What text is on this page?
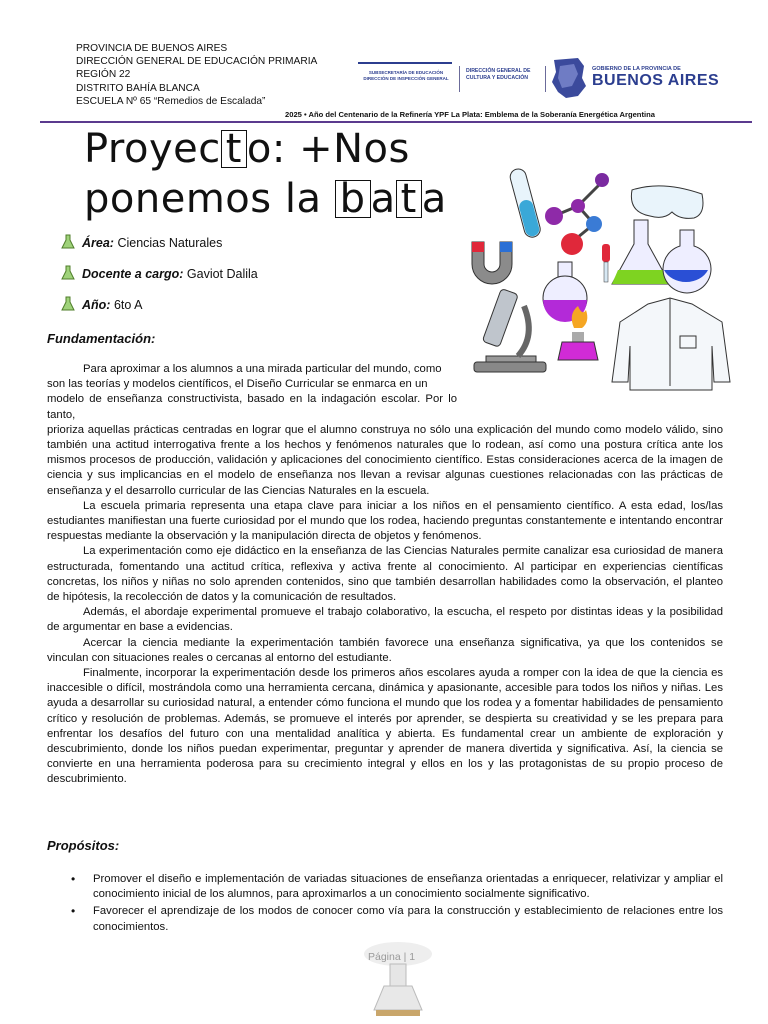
PROVINCIA DE BUENOS AIRES
DIRECCIÓN GENERAL DE EDUCACIÓN PRIMARIA
REGIÓN 22
DISTRITO BAHÍA BLANCA
ESCUELA Nº 65 “Remedios de Escalada”
SUBSECRETARÍA DE EDUCACIÓN
DIRECCIÓN DE INSPECCIÓN GENERAL
DIRECCIÓN GENERAL DE
CULTURA Y EDUCACIÓN
GOBIERNO DE LA PROVINCIA DE
BUENOS AIRES
2025 • Año del Centenario de la Refinería YPF La Plata: Emblema de la Soberanía Energética Argentina
Proyec t o: +Nos
ponemos la b a t a
Área: Ciencias Naturales
Docente a cargo: Gaviot Dalila
Año: 6to A
Fundamentación:

Para aproximar a los alumnos a una mirada particular del mundo, como

son las teorías y modelos científicos, el Diseño Curricular se enmarca en un

modelo de enseñanza constructivista, basado en la indagación escolar. Por lo tanto,

prioriza aquellas prácticas centradas en lograr que el alumno construya no sólo una explicación del mundo como modelo válido, sino también una actitud interrogativa frente a los hechos y fenómenos naturales que lo rodean, así como una postura crítica ante los mismos procesos de producción, validación y aplicaciones del conocimiento científico. Estas consideraciones acerca de la imagen de ciencia y sus implicancias en el modelo de enseñanza nos llevan a revisar algunas cuestiones relacionadas con las prácticas de enseñanza y el desarrollo curricular de las Ciencias Naturales en la escuela.

La escuela primaria representa una etapa clave para iniciar a los niños en el pensamiento científico. A esta edad, los/las estudiantes manifiestan una fuerte curiosidad por el mundo que los rodea, haciendo preguntas constantemente e intentando encontrar respuestas mediante la observación y la manipulación directa de objetos y fenómenos.

La experimentación como eje didáctico en la enseñanza de las Ciencias Naturales permite canalizar esa curiosidad de manera estructurada, fomentando una actitud crítica, reflexiva y activa frente al conocimiento. Al participar en experiencias científicas concretas, los niños y niñas no solo aprenden contenidos, sino que también desarrollan habilidades como la observación, el planteo de hipótesis, la recolección de datos y la comunicación de resultados.

Además, el abordaje experimental promueve el trabajo colaborativo, la escucha, el respeto por distintas ideas y la posibilidad de argumentar en base a evidencias.

Acercar la ciencia mediante la experimentación también favorece una enseñanza significativa, ya que los contenidos se vinculan con situaciones reales o cercanas al entorno del estudiante.

Finalmente, incorporar la experimentación desde los primeros años escolares ayuda a romper con la idea de que la ciencia es inaccesible o difícil, mostrándola como una herramienta cercana, dinámica y apasionante, accesible para todos los niños y niñas. Les ayuda a desarrollar su curiosidad natural, a entender cómo funciona el mundo que los rodea y a fomentar habilidades de pensamiento crítico y resolución de problemas. Además, se promueve el interés por aprender, se despierta su creatividad y se les prepara para enfrentar los desafíos del futuro con una mentalidad analítica y abierta. Es fundamental crear un ambiente de exploración y descubrimiento, donde los niños puedan experimentar, preguntar y aprender de manera divertida y significativa. Así, la ciencia se convierte en una herramienta poderosa para su crecimiento integral y ellos en los y las protagonistas de su propio proceso de descubrimiento.

Propósitos:
• Promover el diseño e implementación de variadas situaciones de enseñanza orientadas a enriquecer, relativizar y ampliar el conocimiento inicial de los alumnos, para aproximarlos a un conocimiento socialmente significativo.
• Favorecer el aprendizaje de los modos de conocer como vía para la construcción y establecimiento de relaciones entre los conocimientos.
Página | 1
